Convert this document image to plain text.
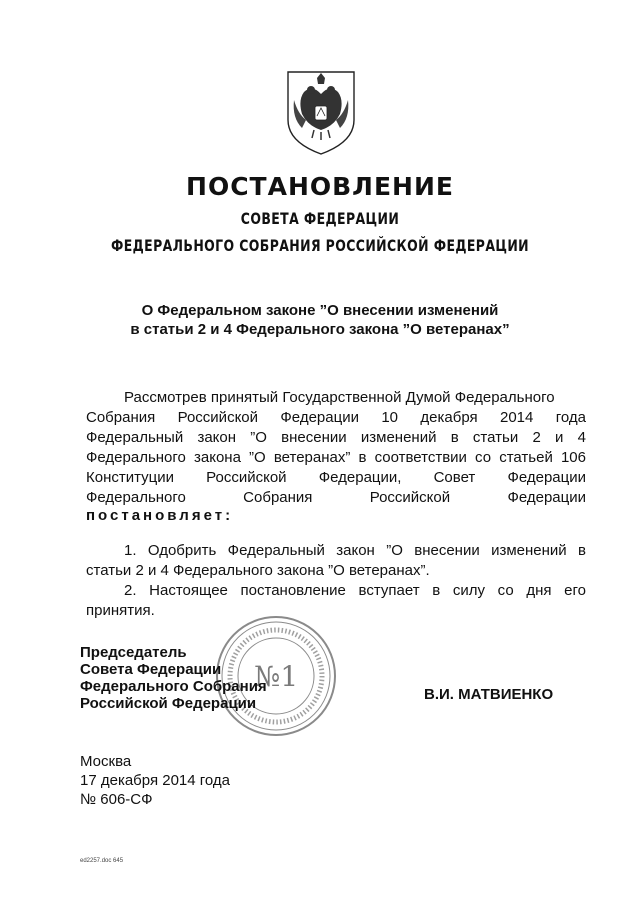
ПОСТАНОВЛЕНИЕ
СОВЕТА ФЕДЕРАЦИИ
ФЕДЕРАЛЬНОГО СОБРАНИЯ РОССИЙСКОЙ ФЕДЕРАЦИИ
О Федеральном законе ”О внесении изменений
в статьи 2 и 4 Федерального закона ”О ветеранах”
Рассмотрев принятый Государственной Думой Федерального
Собрания Российской Федерации 10 декабря 2014 года
Федеральный закон ”О внесении изменений в статьи 2 и 4
Федерального закона ”О ветеранах” в соответствии со статьей 106
Конституции Российской Федерации, Совет Федерации
Федерального Собрания Российской Федерации
постановляет:
1. Одобрить Федеральный закон ”О внесении изменений в
статьи 2 и 4 Федерального закона ”О ветеранах”.
2. Настоящее постановление вступает в силу со дня его
принятия.
№1
Председатель
Совета Федерации
Федерального Собрания
Российской Федерации
В.И. МАТВИЕНКО
Москва
17 декабря 2014 года
№ 606-СФ
ed2257.doc 645
